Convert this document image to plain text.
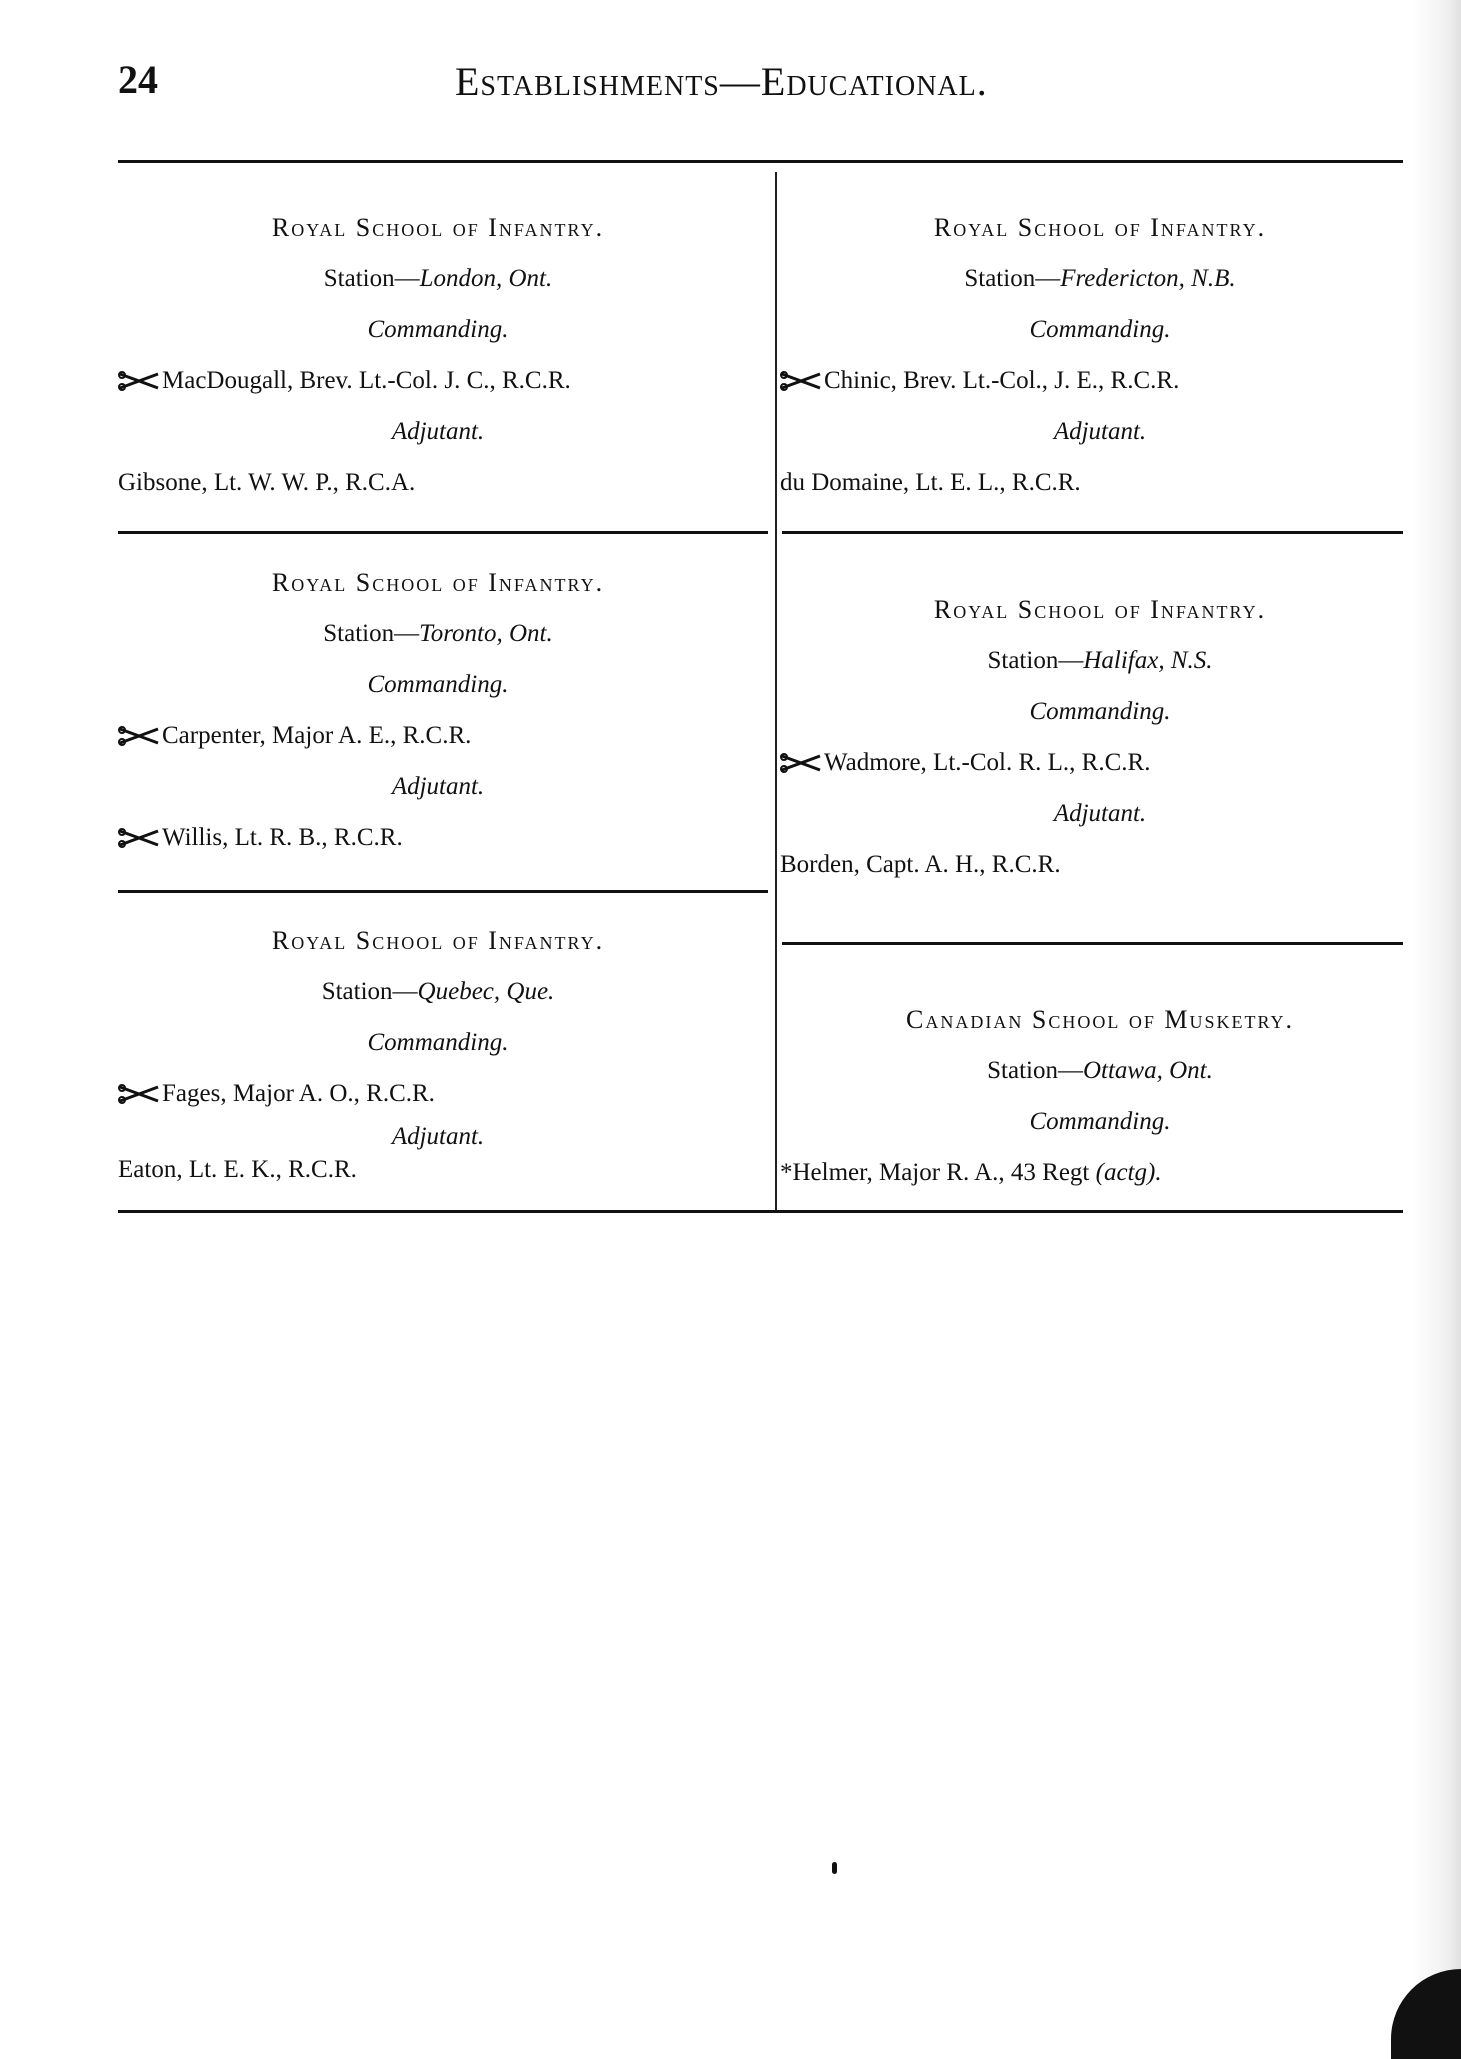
24	Establishments—Educational.
Royal School of Infantry.
Station—London, Ont.
Commanding.
MacDougall, Brev. Lt.-Col. J. C., R.C.R.
Adjutant.
Gibsone, Lt. W. W. P., R.C.A.
Royal School of Infantry.
Station—Toronto, Ont.
Commanding.
Carpenter, Major A. E., R.C.R.
Adjutant.
Willis, Lt. R. B., R.C.R.
Royal School of Infantry.
Station—Quebec, Que.
Commanding.
Fages, Major A. O., R.C.R.
Adjutant.
Eaton, Lt. E. K., R.C.R.
Royal School of Infantry.
Station—Fredericton, N.B.
Commanding.
Chinic, Brev. Lt.-Col., J. E., R.C.R.
Adjutant.
du Domaine, Lt. E. L., R.C.R.
Royal School of Infantry.
Station—Halifax, N.S.
Commanding.
Wadmore, Lt.-Col. R. L., R.C.R.
Adjutant.
Borden, Capt. A. H., R.C.R.
Canadian School of Musketry.
Station—Ottawa, Ont.
Commanding.
*Helmer, Major R. A., 43 Regt (actg).
